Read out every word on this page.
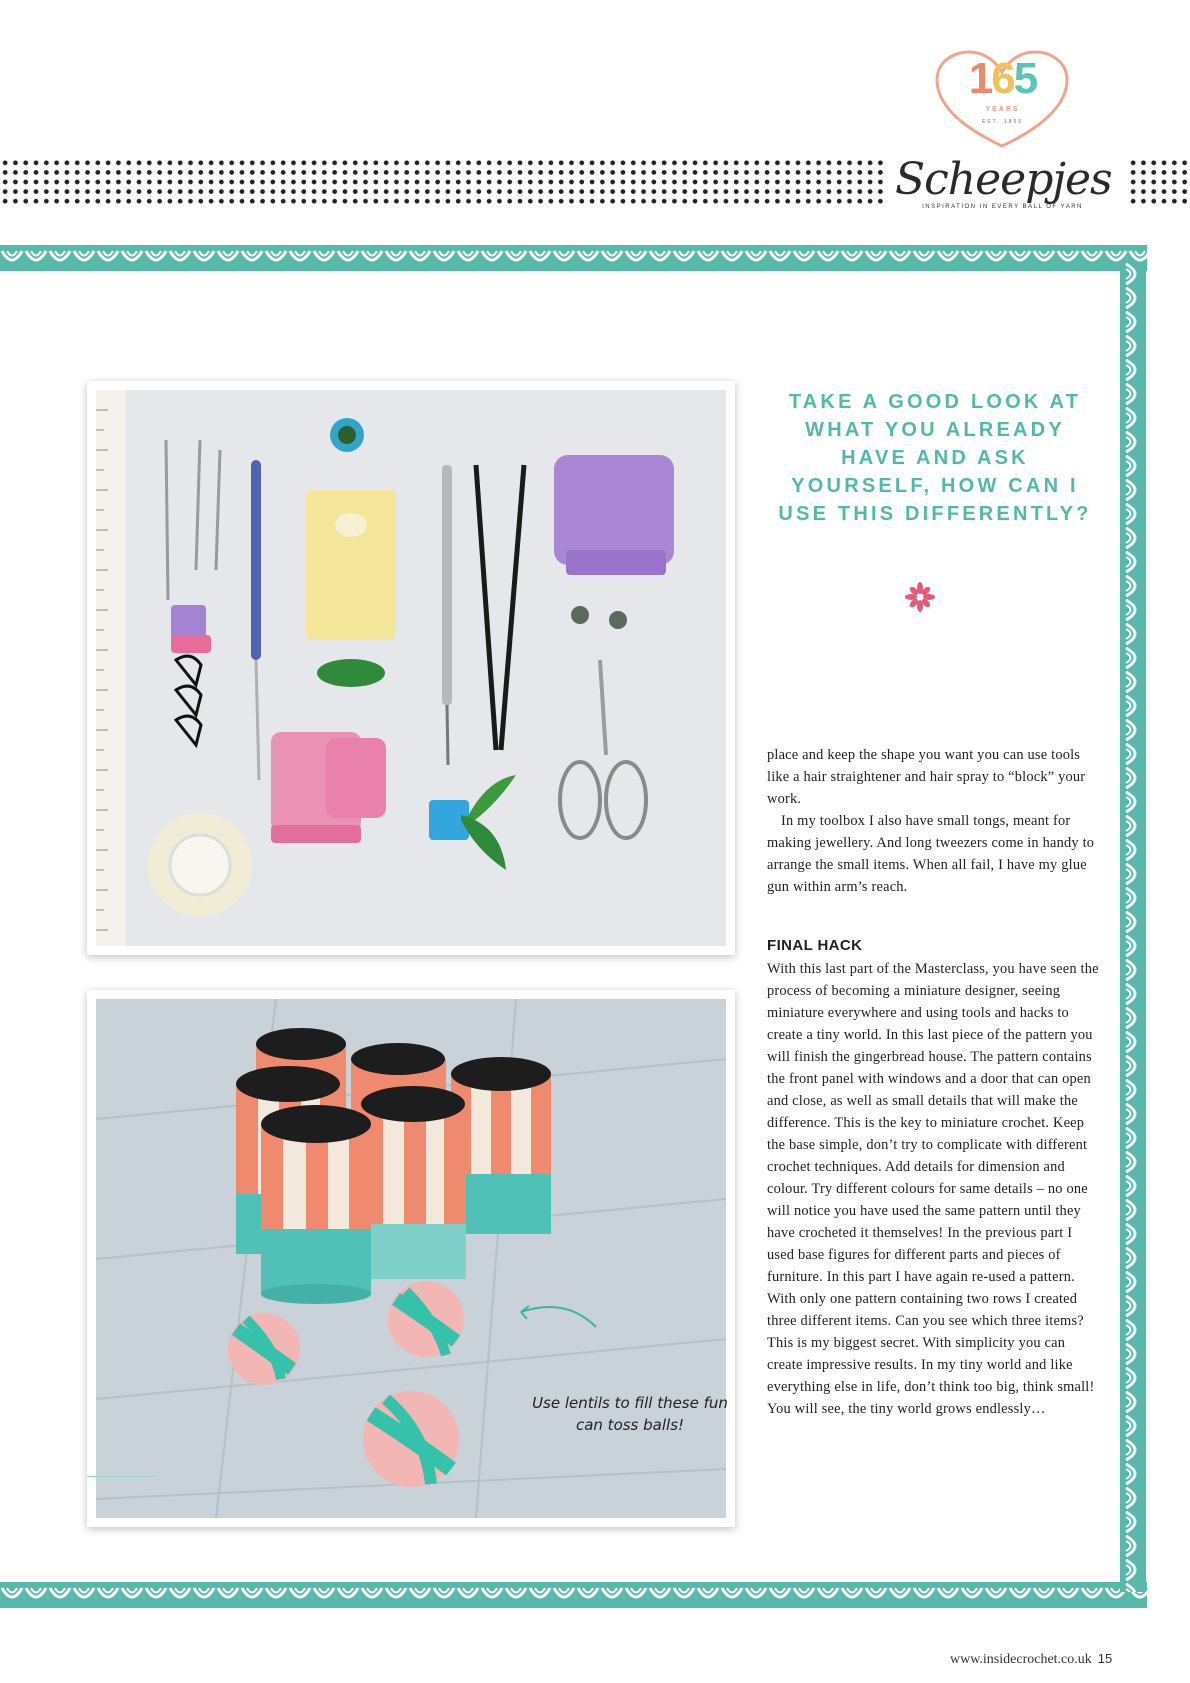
165
YEARS
EST. 1855
Scheepjes
INSPIRATION IN EVERY BALL OF YARN
Use lentils to fill these fun can toss balls!
TAKE A GOOD LOOK AT WHAT YOU ALREADY HAVE AND ASK YOURSELF, HOW CAN I USE THIS DIFFERENTLY?

place and keep the shape you want you can use tools like a hair straightener and hair spray to “block” your work.

In my toolbox I also have small tongs, meant for making jewellery. And long tweezers come in handy to arrange the small items. When all fail, I have my glue gun within arm’s reach.

FINAL HACK

With this last part of the Masterclass, you have seen the process of becoming a miniature designer, seeing miniature everywhere and using tools and hacks to create a tiny world. In this last piece of the pattern you will finish the gingerbread house. The pattern contains the front panel with windows and a door that can open and close, as well as small details that will make the difference. This is the key to miniature crochet. Keep the base simple, don’t try to complicate with different crochet techniques. Add details for dimension and colour. Try different colours for same details – no one will notice you have used the same pattern until they have crocheted it themselves! In the previous part I used base figures for different parts and pieces of furniture. In this part I have again re-used a pattern. With only one pattern containing two rows I created three different items. Can you see which three items? This is my biggest secret. With simplicity you can create impressive results. In my tiny world and like everything else in life, don’t think too big, think small! You will see, the tiny world grows endlessly…

www.insidecrochet.co.uk 15
